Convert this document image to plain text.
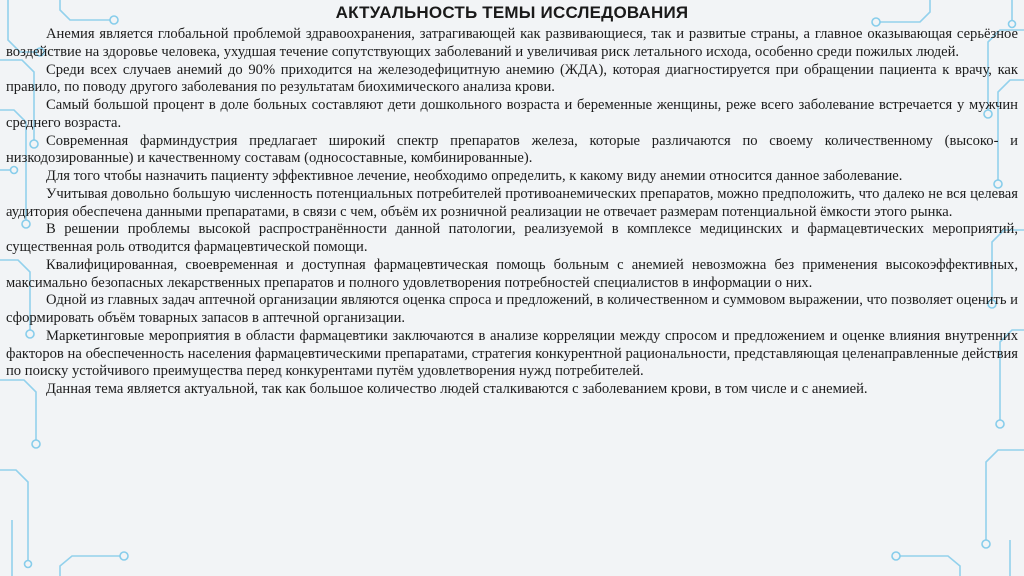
АКТУАЛЬНОСТЬ ТЕМЫ ИССЛЕДОВАНИЯ

Анемия является глобальной проблемой здравоохранения, затрагивающей как развивающиеся, так и развитые страны, а главное оказывающая серьёзное воздействие на здоровье человека, ухудшая течение сопутствующих заболеваний и увеличивая риск летального исхода, особенно среди пожилых людей.

Среди всех случаев анемий до 90% приходится на железодефицитную анемию (ЖДА), которая диагностируется при обращении пациента к врачу, как правило, по поводу другого заболевания по результатам биохимического анализа крови.

Самый большой процент в доле больных составляют дети дошкольного возраста и беременные женщины, реже всего заболевание встречается у мужчин среднего возраста.

Современная фарминдустрия предлагает широкий спектр препаратов железа, которые различаются по своему количественному (высоко- и низкодозированные) и качественному составам (односоставные, комбинированные).

Для того чтобы назначить пациенту эффективное лечение, необходимо определить, к какому виду анемии относится данное заболевание.

Учитывая довольно большую численность потенциальных потребителей противоанемических препаратов, можно предположить, что далеко не вся целевая аудитория обеспечена данными препаратами, в связи с чем, объём их розничной реализации не отвечает размерам потенциальной ёмкости этого рынка.

В решении проблемы высокой распространённости данной патологии, реализуемой в комплексе медицинских и фармацевтических мероприятий, существенная роль отводится фармацевтической помощи.

Квалифицированная, своевременная и доступная фармацевтическая помощь больным с анемией невозможна без применения высокоэффективных, максимально безопасных лекарственных препаратов и полного удовлетворения потребностей специалистов в информации о них.

Одной из главных задач аптечной организации являются оценка спроса и предложений, в количественном и суммовом выражении, что позволяет оценить и сформировать объём товарных запасов в аптечной организации.

Маркетинговые мероприятия в области фармацевтики заключаются в анализе корреляции между спросом и предложением и оценке влияния внутренних факторов на обеспеченность населения фармацевтическими препаратами, стратегия конкурентной рациональности, представляющая целенаправленные действия по поиску устойчивого преимущества перед конкурентами путём удовлетворения нужд потребителей.

Данная тема является актуальной, так как большое количество людей сталкиваются с заболеванием крови, в том числе и с анемией.
